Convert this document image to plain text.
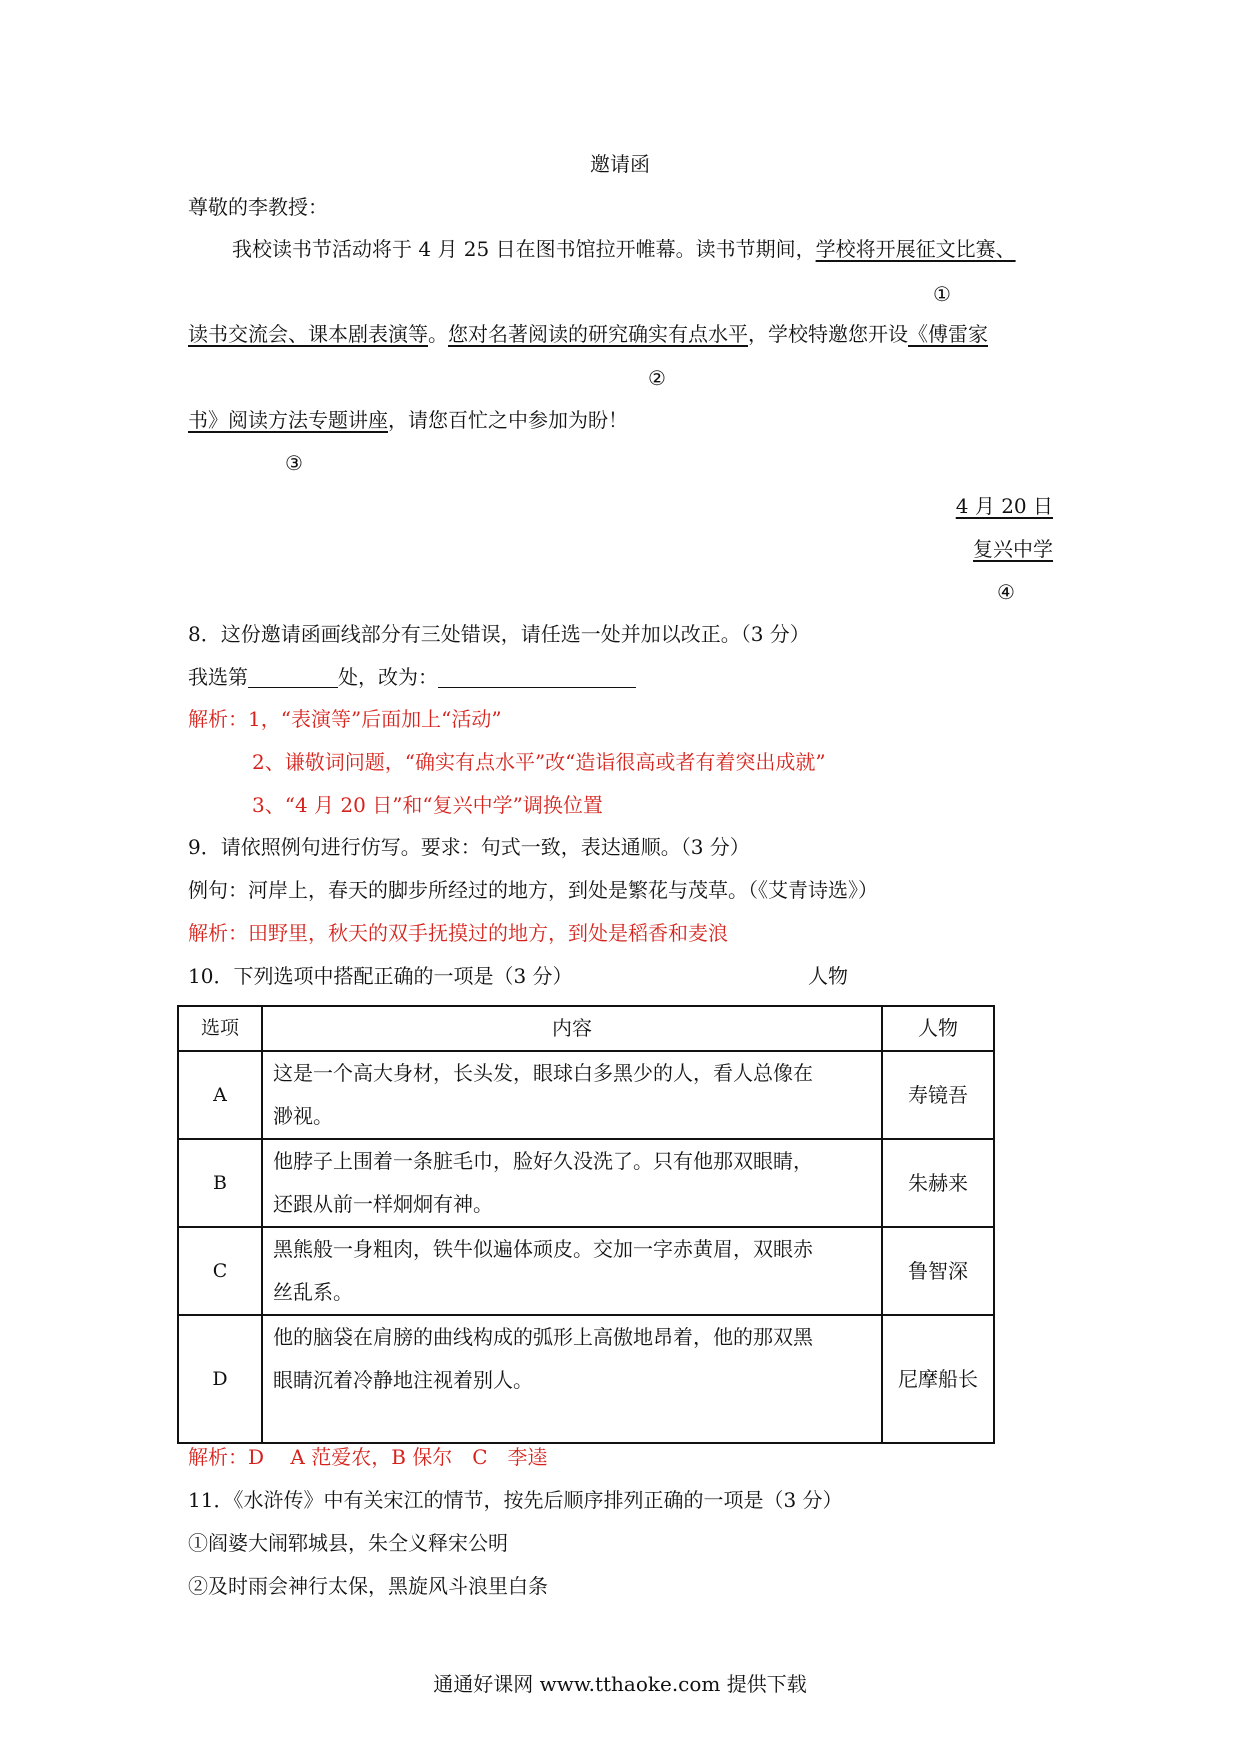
邀请函
尊敬的李教授：
我校读书节活动将于 4 月 25 日在图书馆拉开帷幕。读书节期间，学校将开展征文比赛、
①
读书交流会、课本剧表演等。您对名著阅读的研究确实有点水平，学校特邀您开设《傅雷家
②
书》阅读方法专题讲座，请您百忙之中参加为盼！
③
4 月 20 日
复兴中学
④
8．这份邀请函画线部分有三处错误，请任选一处并加以改正。（3 分）
我选第	处，改为：
解析：1，“表演等”后面加上“活动”
2、谦敬词问题，“确实有点水平”改“造诣很高或者有着突出成就”
3、“4 月 20 日”和“复兴中学”调换位置
9．请依照例句进行仿写。要求：句式一致，表达通顺。（3 分）
例句：河岸上，春天的脚步所经过的地方，到处是繁花与茂草。（《艾青诗选》）
解析：田野里，秋天的双手抚摸过的地方，到处是稻香和麦浪
10．下列选项中搭配正确的一项是（3 分）	人物
选项	内容	人物
A	这是一个高大身材，长头发，眼球白多黑少的人，看人总像在
渺视。	寿镜吾
B	他脖子上围着一条脏毛巾，脸好久没洗了。只有他那双眼睛，
还跟从前一样炯炯有神。	朱赫来
C	黑熊般一身粗肉，铁牛似遍体顽皮。交加一字赤黄眉，双眼赤
丝乱系。	鲁智深
D	他的脑袋在肩膀的曲线构成的弧形上高傲地昂着，他的那双黑
眼睛沉着冷静地注视着别人。	尼摩船长
解析：D　 A 范爱农，B 保尔　C　李逵
11．《水浒传》中有关宋江的情节，按先后顺序排列正确的一项是（3 分）
①阎婆大闹郓城县，朱仝义释宋公明
②及时雨会神行太保，黑旋风斗浪里白条
通通好课网 www.tthaoke.com 提供下载
